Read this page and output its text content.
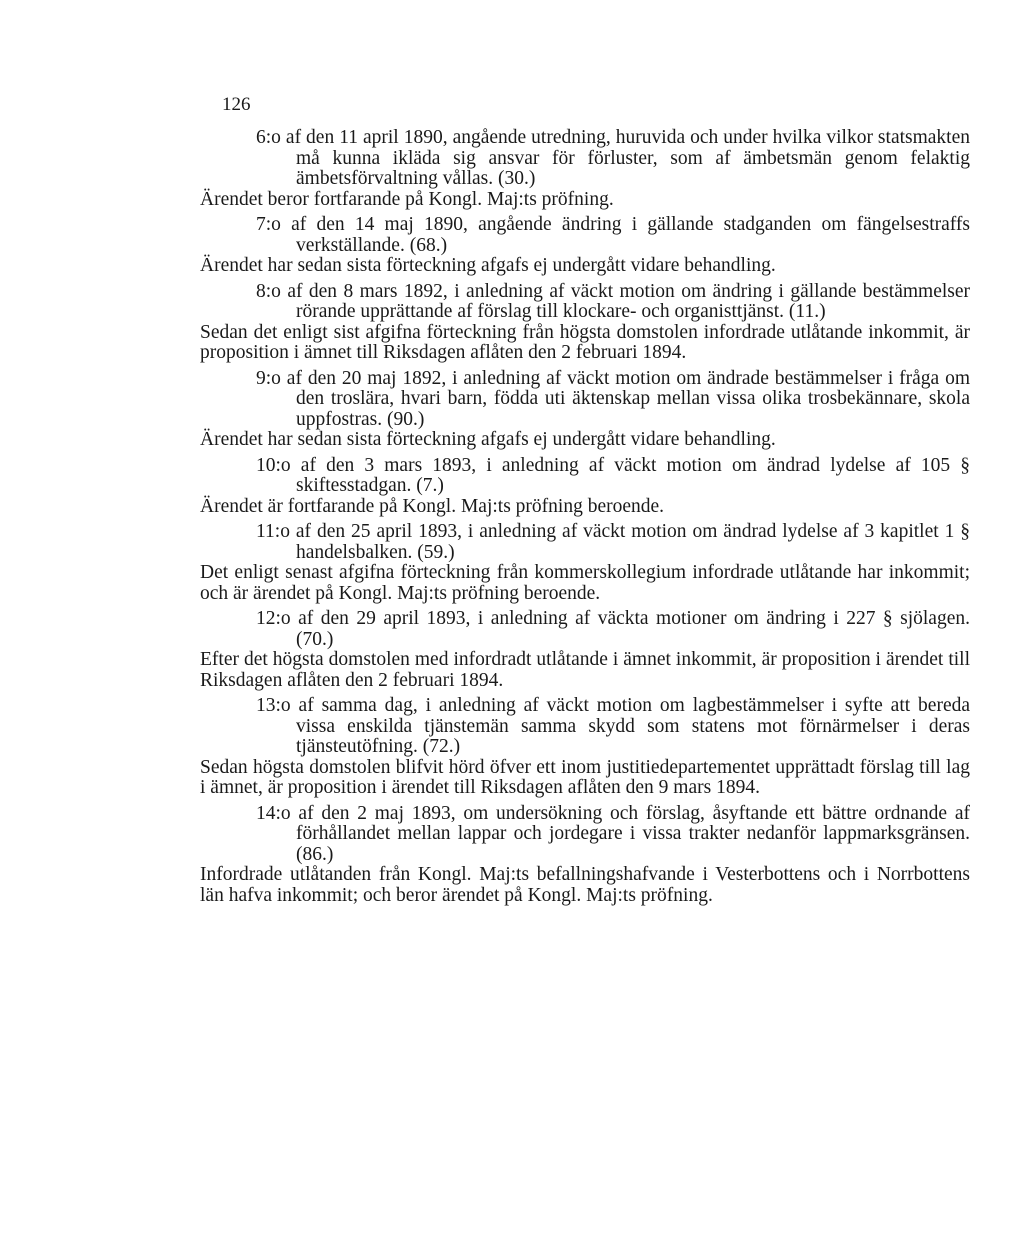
126

6:o af den 11 april 1890, angående utredning, huruvida och under hvilka vilkor statsmakten må kunna ikläda sig ansvar för förluster, som af ämbetsmän genom felaktig ämbetsförvaltning vållas. (30.)

Ärendet beror fortfarande på Kongl. Maj:ts pröfning.

7:o af den 14 maj 1890, angående ändring i gällande stadganden om fängelsestraffs verkställande. (68.)

Ärendet har sedan sista förteckning afgafs ej undergått vidare behandling.

8:o af den 8 mars 1892, i anledning af väckt motion om ändring i gällande bestämmelser rörande upprättande af förslag till klockare- och organisttjänst. (11.)

Sedan det enligt sist afgifna förteckning från högsta domstolen infordrade utlåtande inkommit, är proposition i ämnet till Riksdagen aflåten den 2 februari 1894.

9:o af den 20 maj 1892, i anledning af väckt motion om ändrade bestämmelser i fråga om den troslära, hvari barn, födda uti äktenskap mellan vissa olika trosbekännare, skola uppfostras. (90.)

Ärendet har sedan sista förteckning afgafs ej undergått vidare behandling.

10:o af den 3 mars 1893, i anledning af väckt motion om ändrad lydelse af 105 § skiftesstadgan. (7.)

Ärendet är fortfarande på Kongl. Maj:ts pröfning beroende.

11:o af den 25 april 1893, i anledning af väckt motion om ändrad lydelse af 3 kapitlet 1 § handelsbalken. (59.)

Det enligt senast afgifna förteckning från kommerskollegium infordrade utlåtande har inkommit; och är ärendet på Kongl. Maj:ts pröfning beroende.

12:o af den 29 april 1893, i anledning af väckta motioner om ändring i 227 § sjölagen. (70.)

Efter det högsta domstolen med infordradt utlåtande i ämnet inkommit, är proposition i ärendet till Riksdagen aflåten den 2 februari 1894.

13:o af samma dag, i anledning af väckt motion om lagbestämmelser i syfte att bereda vissa enskilda tjänstemän samma skydd som statens mot förnärmelser i deras tjänsteutöfning. (72.)

Sedan högsta domstolen blifvit hörd öfver ett inom justitiedepartementet upprättadt förslag till lag i ämnet, är proposition i ärendet till Riksdagen aflåten den 9 mars 1894.

14:o af den 2 maj 1893, om undersökning och förslag, åsyftande ett bättre ordnande af förhållandet mellan lappar och jordegare i vissa trakter nedanför lappmarksgränsen. (86.)

Infordrade utlåtanden från Kongl. Maj:ts befallningshafvande i Vesterbottens och i Norrbottens län hafva inkommit; och beror ärendet på Kongl. Maj:ts pröfning.
